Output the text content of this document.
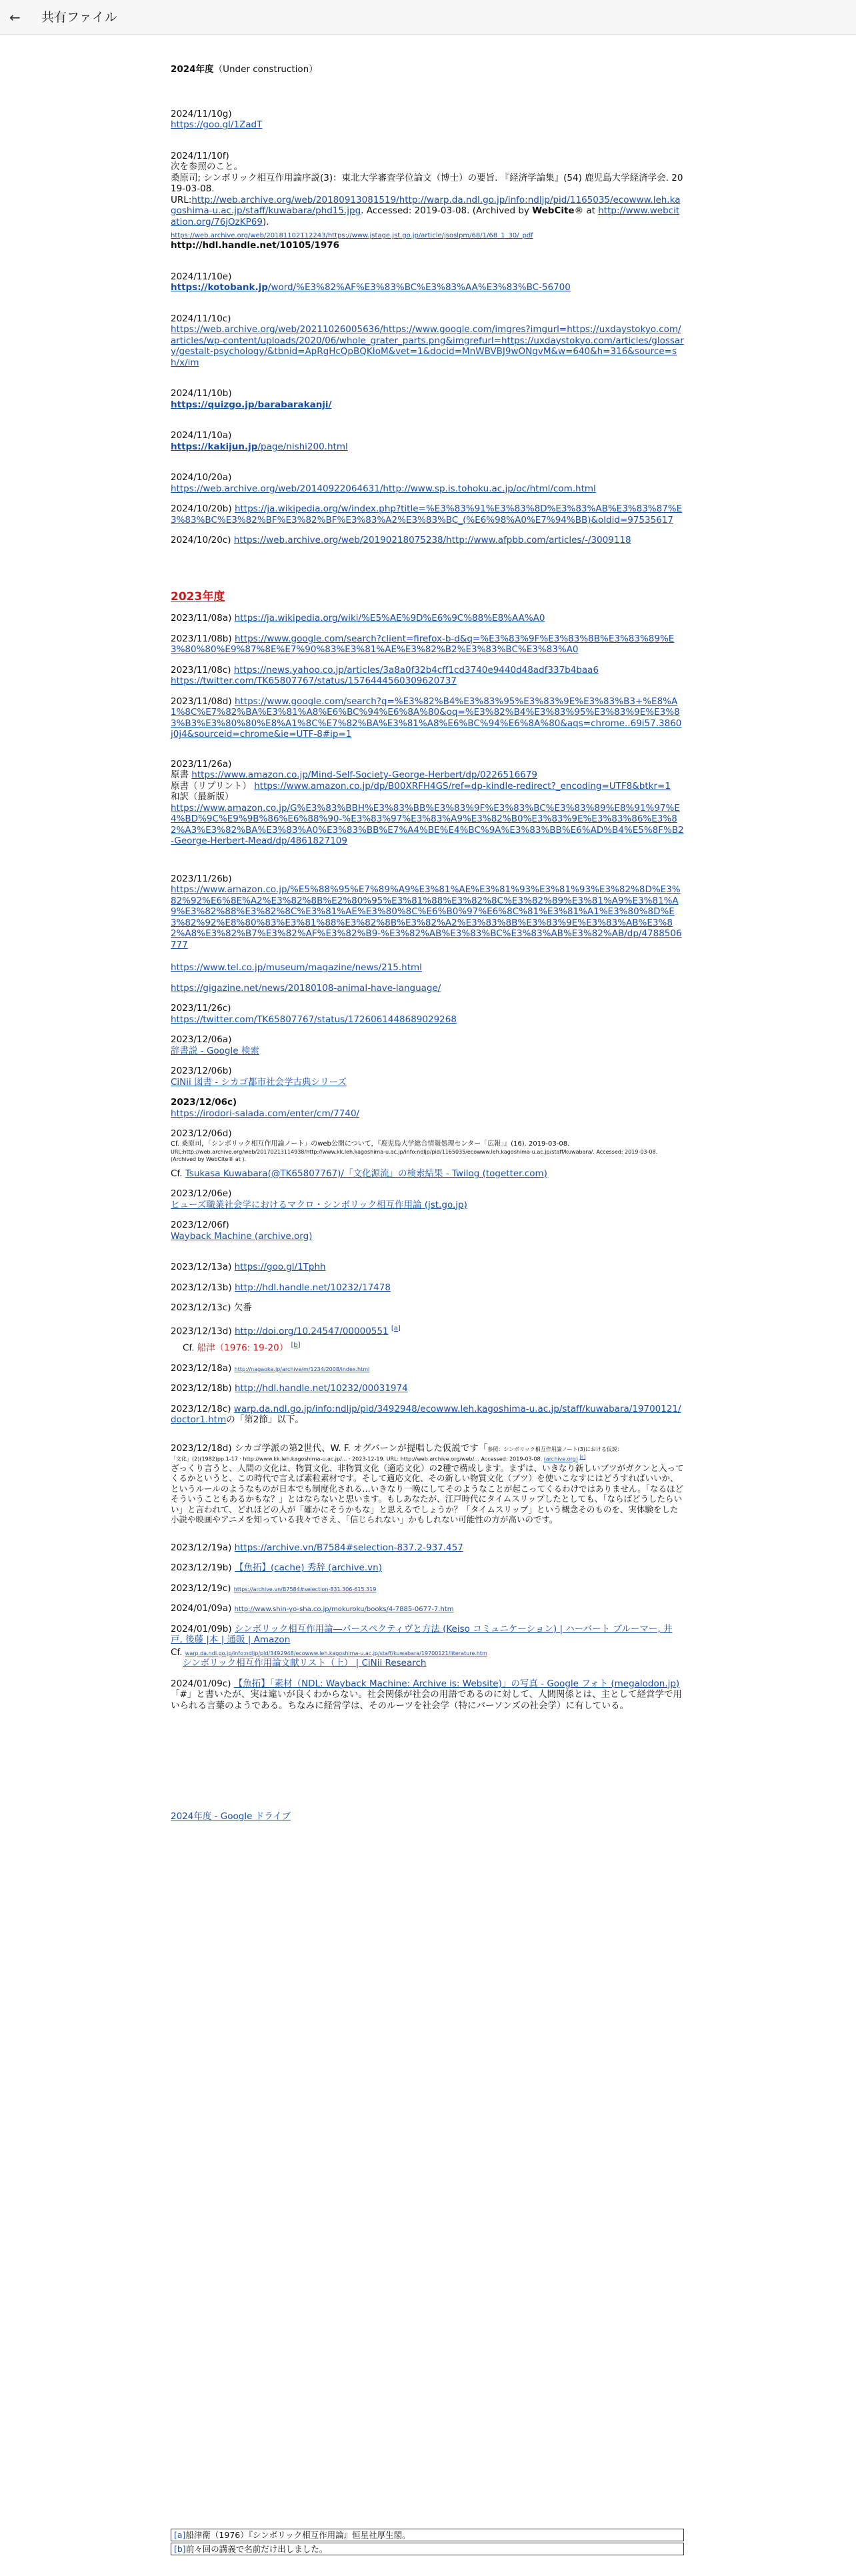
←	共有ファイル
2024年度（Under construction）
2024/11/10g)
https://goo.gl/1ZadT
2024/11/10f)

次を参照のこと。

桑原司; シンボリック相互作用論序説(3)：東北大学審査学位論文（博士）の要旨. 『経済学論集』(54) 鹿児島大学経済学会. 2019-03-08.

URL:http://web.archive.org/web/20180913081519/http://warp.da.ndl.go.jp/info:ndljp/pid/1165035/ecowww.leh.kagoshima-u.ac.jp/staff/kuwabara/phd15.jpg. Accessed: 2019-03-08. (Archived by WebCite® at http://www.webcitation.org/76jOzKP69).

https://web.archive.org/web/20181102112243/https://www.jstage.jst.go.jp/article/jsoslpm/68/1/68_1_30/_pdf

http://hdl.handle.net/10105/1976

2024/11/10e)
https://kotobank.jp/word/%E3%82%AF%E3%83%BC%E3%83%AA%E3%83%BC-56700
2024/11/10c)
https://web.archive.org/web/20211026005636/https://www.google.com/imgres?imgurl=https://uxdaystokyo.com/articles/wp-content/uploads/2020/06/whole_grater_parts.png&imgrefurl=https://uxdaystokyo.com/articles/glossary/gestalt-psychology/&tbnid=ApRgHcQpBQKIoM&vet=1&docid=MnWBVBJ9wONgvM&w=640&h=316&source=sh/x/im
2024/11/10b)
https://quizgo.jp/barabarakanji/
2024/11/10a)
https://kakijun.jp/page/nishi200.html
2024/10/20a)
https://web.archive.org/web/20140922064631/http://www.sp.is.tohoku.ac.jp/oc/html/com.html
2024/10/20b) https://ja.wikipedia.org/w/index.php?title=%E3%83%91%E3%83%8D%E3%83%AB%E3%83%87%E3%83%BC%E3%82%BF%E3%82%BF%E3%83%A2%E3%83%BC_(%E6%98%A0%E7%94%BB)&oldid=97535617
2024/10/20c) https://web.archive.org/web/20190218075238/http://www.afpbb.com/articles/-/3009118
2023年度
2023/11/08a) https://ja.wikipedia.org/wiki/%E5%AE%9D%E6%9C%88%E8%AA%A0
2023/11/08b) https://www.google.com/search?client=firefox-b-d&q=%E3%83%9F%E3%83%8B%E3%83%89%E3%80%80%E9%87%8E%E7%90%83%E3%81%AE%E3%82%B2%E3%83%BC%E3%83%A0
2023/11/08c) https://news.yahoo.co.jp/articles/3a8a0f32b4cff1cd3740e9440d48adf337b4baa6
https://twitter.com/TK65807767/status/1576444560309620737
2023/11/08d) https://www.google.com/search?q=%E3%82%B4%E3%83%95%E3%83%9E%E3%83%B3+%E8%A1%8C%E7%82%BA%E3%81%A8%E6%BC%94%E6%8A%80&oq=%E3%82%B4%E3%83%95%E3%83%9E%E3%83%B3%E3%80%80%E8%A1%8C%E7%82%BA%E3%81%A8%E6%BC%94%E6%8A%80&aqs=chrome..69i57.3860j0j4&sourceid=chrome&ie=UTF-8#ip=1
2023/11/26a)

原書 https://www.amazon.co.jp/Mind-Self-Society-George-Herbert/dp/0226516679

原書（リプリント） https://www.amazon.co.jp/dp/B00XRFH4GS/ref=dp-kindle-redirect?_encoding=UTF8&btkr=1

和訳（最新版）

https://www.amazon.co.jp/G%E3%83%BBH%E3%83%BB%E3%83%9F%E3%83%BC%E3%83%89%E8%91%97%E4%BD%9C%E9%9B%86%E6%88%90-%E3%83%97%E3%83%A9%E3%82%B0%E3%83%9E%E3%83%86%E3%82%A3%E3%82%BA%E3%83%A0%E3%83%BB%E7%A4%BE%E4%BC%9A%E3%83%BB%E6%AD%B4%E5%8F%B2-George-Herbert-Mead/dp/4861827109

2023/11/26b)
https://www.amazon.co.jp/%E5%88%95%E7%89%A9%E3%81%AE%E3%81%93%E3%81%93%E3%82%8D%E3%82%92%E6%8E%A2%E3%82%8B%E2%80%95%E3%81%88%E3%82%8C%E3%82%89%E3%81%A9%E3%81%A9%E3%82%88%E3%82%8C%E3%81%AE%E3%80%8C%E6%B0%97%E6%8C%81%E3%81%A1%E3%80%8D%E3%82%92%E8%80%83%E3%81%88%E3%82%8B%E3%82%A2%E3%83%8B%E3%83%9E%E3%83%AB%E3%82%A8%E3%82%B7%E3%82%AF%E3%82%B9-%E3%82%AB%E3%83%BC%E3%83%AB%E3%82%AB/dp/4788506777
https://www.tel.co.jp/museum/magazine/news/215.html
https://gigazine.net/news/20180108-animal-have-language/
2023/11/26c)
https://twitter.com/TK65807767/status/1726061448689029268
2023/12/06a)
辞書説 - Google 検索
2023/12/06b)
CiNii 図書 - シカゴ都市社会学古典シリーズ
2023/12/06c)
https://irodori-salada.com/enter/cm/7740/
2023/12/06d)

Cf. 桑原司，「シンボリック相互作用論ノート」のweb公開について，『鹿児島大学総合情報処理センター「広報」』(16). 2019-03-08.

URL:http://web.archive.org/web/20170213114938/http://www.kk.leh.kagoshima-u.ac.jp/info:ndljp/pid/1165035/ecowww.leh.kagoshima-u.ac.jp/staff/kuwabara/. Accessed: 2019-03-08.

(Archived by WebCite® at ).

Cf. Tsukasa Kuwabara(@TK65807767)/「文化源流」の検索結果 - Twilog (togetter.com)

2023/12/06e)
ヒューズ職業社会学におけるマクロ・シンボリック相互作用論 (jst.go.jp)
2023/12/06f)
Wayback Machine (archive.org)
2023/12/13a) https://goo.gl/1Tphh
2023/12/13b) http://hdl.handle.net/10232/17478
2023/12/13c) 欠番
2023/12/13d) http://doi.org/10.24547/00000551 [a]
Cf. 船津（1976: 19-20） [b]
2023/12/18a) http://nagaoka.jp/archive/m/1234/2008/index.html
2023/12/18b) http://hdl.handle.net/10232/00031974
2023/12/18c) warp.da.ndl.go.jp/info:ndljp/pid/3492948/ecowww.leh.kagoshima-u.ac.jp/staff/kuwabara/19700121/doctor1.htmの「第2節」以下。
2023/12/18d) シカゴ学派の第2世代、W. F. オグバーンが提唱した仮説です「参照：シンボリック相互作用論ノート(3)における仮説：

「文化」(2)(1982)pp.1-17 · http://www.kk.leh.kagoshima-u.ac.jp/... · 2023-12-19. URL: http://web.archive.org/web/... Accessed: 2019-03-08. (archive.org) [c]

ざっくり言うと、人間の文化は、物質文化、非物質文化（適応文化）の2種で構成します。まずは、いきなり新しいブツがガクンと入ってくるかというと、この時代で言えば素粒素材です。そして適応文化、その新しい物質文化（ブツ）を使いこなすにはどうすればいいか、というルールのようなものが日本でも制度化される…いきなり一晩にしてそのようなことが起こってくるわけではありません。「なるほどそういうこともあるかもな？」とはならないと思います。もしあなたが、江戸時代にタイムスリップしたとしても、「ならばどうしたらいい」と言われて、どれほどの人が「確かにそうかもな」と思えるでしょうか？「タイムスリップ」という概念そのものを、実体験をした小説や映画やアニメを知っている我々でさえ、「信じられない」かもしれない可能性の方が高いのです。

2023/12/19a) https://archive.vn/B7584#selection-837.2-937.457
2023/12/19b) 【魚拓】(cache) 秀辞 (archive.vn)
2023/12/19c) https://archive.vn/B7584#selection-831.306-615.319
2024/01/09a) http://www.shin-yo-sha.co.jp/mokuroku/books/4-7885-0677-7.htm
2024/01/09b) シンボリック相互作用論―パースペクティヴと方法 (Keiso コミュニケーション) | ハーバート ブルーマー, 井戸, 後藤 |本 | 通販 | Amazon
Cf. warp.da.ndl.go.jp/info:ndljp/pid/3492948/ecowww.leh.kagoshima-u.ac.jp/staff/kuwabara/19700121/literature.htm
シンボリック相互作用論文献リスト（上） | CiNii Research
2024/01/09c) 【魚拓】「素材（NDL: Wayback Machine: Archive is: Website)」の写真 - Google フォト (megalodon.jp)

「#」と書いたが、実は違いが良くわからない。社会関係が社会の用語であるのに対して、人間関係とは、主として経営学で用いられる言葉のようである。ちなみに経営学は、そのルーツを社会学（特にパーソンズの社会学）に有している。

2024年度 - Google ドライブ
[a]船津衛（1976）『シンボリック相互作用論』恒星社厚生閣。
[b]前々回の講義で名前だけ出しました。
